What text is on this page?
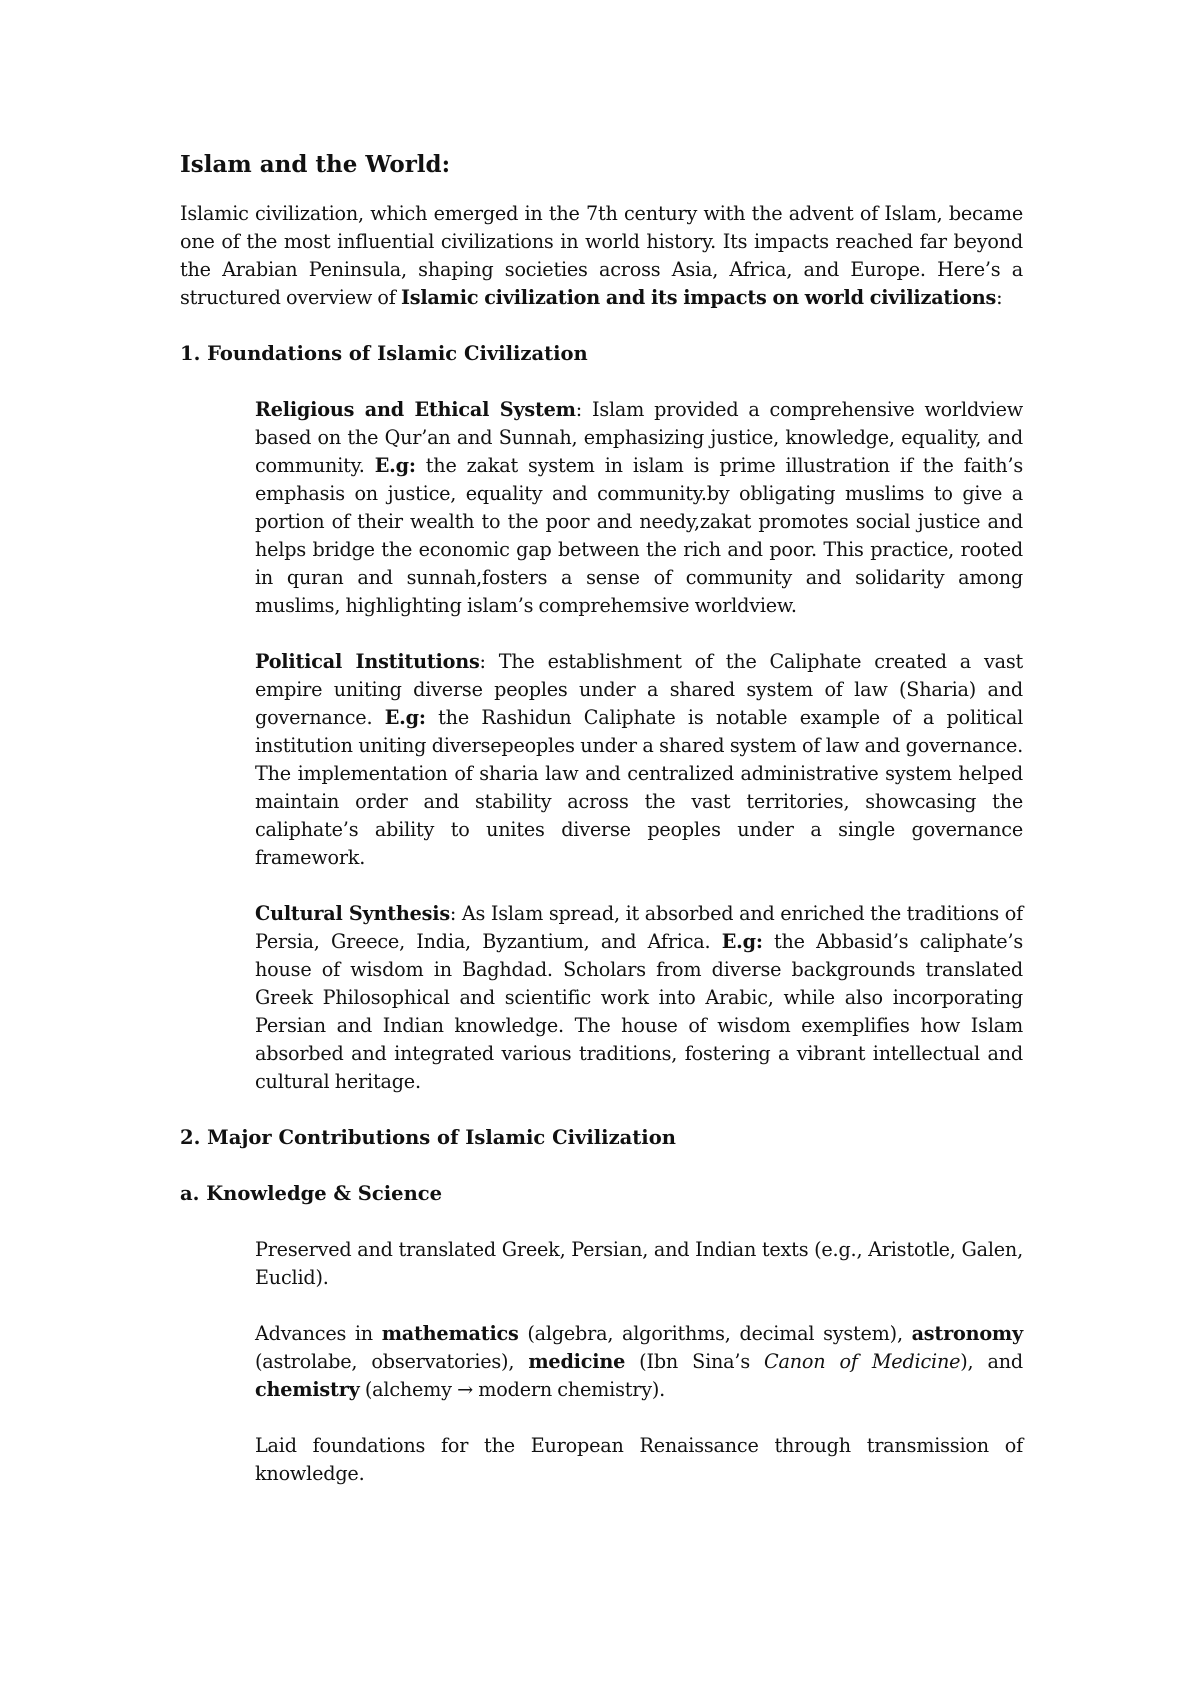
Islam and the World:

Islamic civilization, which emerged in the 7th century with the advent of Islam, became one of the most influential civilizations in world history. Its impacts reached far beyond the Arabian Peninsula, shaping societies across Asia, Africa, and Europe. Here’s a structured overview of Islamic civilization and its impacts on world civilizations:

1. Foundations of Islamic Civilization

Religious and Ethical System: Islam provided a comprehensive worldview based on the Qur’an and Sunnah, emphasizing justice, knowledge, equality, and community. E.g: the zakat system in islam is prime illustration if the faith’s emphasis on justice, equality and community.by obligating muslims to give a portion of their wealth to the poor and needy,zakat promotes social justice and helps bridge the economic gap between the rich and poor. This practice, rooted in quran and sunnah,fosters a sense of community and solidarity among muslims, highlighting islam’s comprehemsive worldview.

Political Institutions: The establishment of the Caliphate created a vast empire uniting diverse peoples under a shared system of law (Sharia) and governance. E.g: the Rashidun Caliphate is notable example of a political institution uniting diversepeoples under a shared system of law and governance. The implementation of sharia law and centralized administrative system helped maintain order and stability across the vast territories, showcasing the caliphate’s ability to unites diverse peoples under a single governance framework.

Cultural Synthesis: As Islam spread, it absorbed and enriched the traditions of Persia, Greece, India, Byzantium, and Africa. E.g: the Abbasid’s caliphate’s house of wisdom in Baghdad. Scholars from diverse backgrounds translated Greek Philosophical and scientific work into Arabic, while also incorporating Persian and Indian knowledge. The house of wisdom exemplifies how Islam absorbed and integrated various traditions, fostering a vibrant intellectual and cultural heritage.

2. Major Contributions of Islamic Civilization
a. Knowledge & Science

Preserved and translated Greek, Persian, and Indian texts (e.g., Aristotle, Galen, Euclid).

Advances in mathematics (algebra, algorithms, decimal system), astronomy (astrolabe, observatories), medicine (Ibn Sina’s Canon of Medicine), and chemistry (alchemy → modern chemistry).

Laid foundations for the European Renaissance through transmission of knowledge.
